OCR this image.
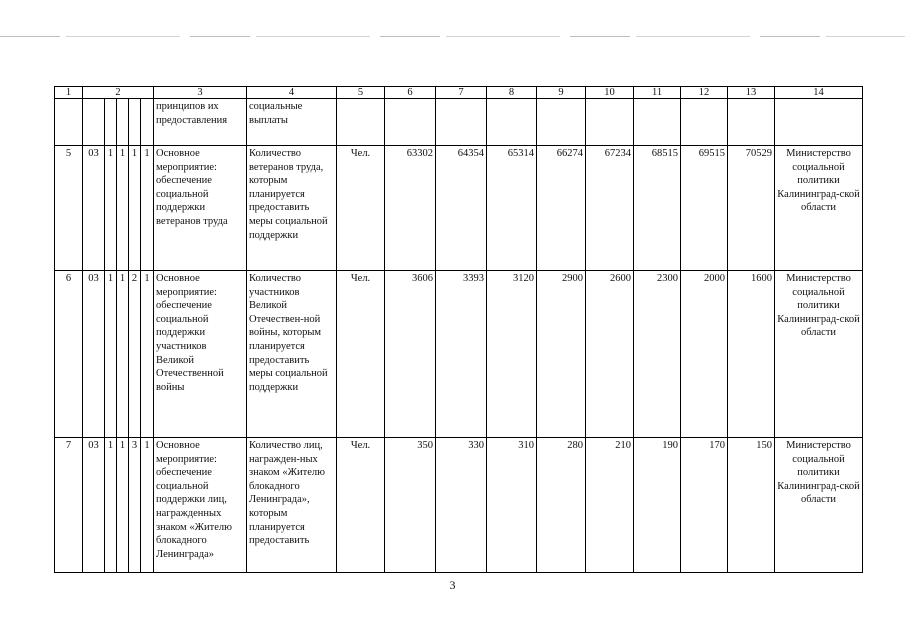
1	2					3	4	5	6	7	8	9	10	11	12	13	14
						принципов их предоставления	социальные выплаты										
5	03	1	1	1	1	Основное мероприятие: обеспечение социальной поддержки ветеранов труда	Количество ветеранов труда, которым планируется предоставить меры социальной поддержки	Чел.	63302	64354	65314	66274	67234	68515	69515	70529	Министерство социальной политики Калининград-ской области
6	03	1	1	2	1	Основное мероприятие: обеспечение социальной поддержки участников Великой Отечественной войны	Количество участников Великой Отечествен-ной войны, которым планируется предоставить меры социальной поддержки	Чел.	3606	3393	3120	2900	2600	2300	2000	1600	Министерство социальной политики Калининград-ской области
7	03	1	1	3	1	Основное мероприятие: обеспечение социальной поддержки лиц, награжденных знаком «Жителю блокадного Ленинграда»	Количество лиц, награжден-ных знаком «Жителю блокадного Ленинграда», которым планируется предоставить	Чел.	350	330	310	280	210	190	170	150	Министерство социальной политики Калининград-ской области
3
